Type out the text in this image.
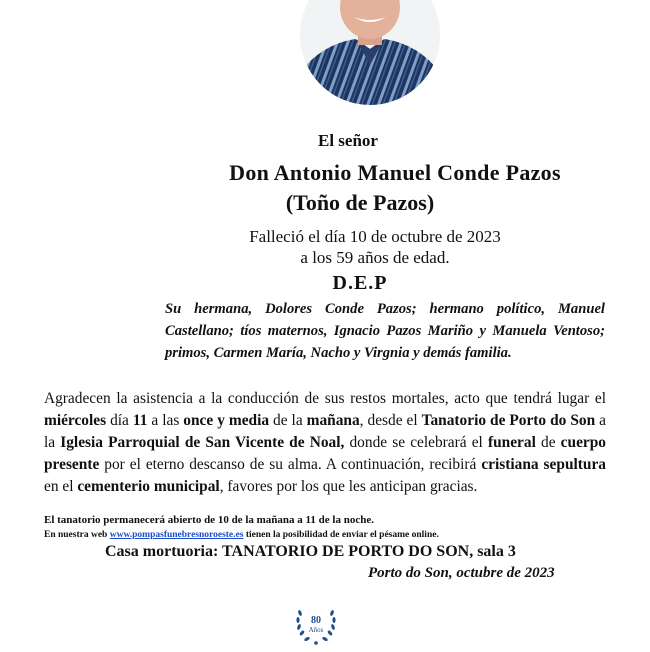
El señor
Don Antonio Manuel Conde Pazos
(Toño de Pazos)
Falleció el día 10 de octubre de 2023
a los 59 años de edad.
D.E.P
Su hermana, Dolores Conde Pazos; hermano político, Manuel Castellano; tíos maternos, Ignacio Pazos Mariño y Manuela Ventoso; primos, Carmen María, Nacho y Virgnia y demás familia.
Agradecen la asistencia a la conducción de sus restos mortales, acto que tendrá lugar el miércoles día 11 a las once y media de la mañana, desde el Tanatorio de Porto do Son a la Iglesia Parroquial de San Vicente de Noal, donde se celebrará el funeral de cuerpo presente por el eterno descanso de su alma. A continuación, recibirá cristiana sepultura en el cementerio municipal, favores por los que les anticipan gracias.
El tanatorio permanecerá abierto de 10 de la mañana a 11 de la noche.
En nuestra web www.pompasfunebresnoroeste.es tienen la posibilidad de enviar el pésame online.
Casa mortuoria: TANATORIO DE PORTO DO SON, sala 3
Porto do Son, octubre de 2023
80
Años
